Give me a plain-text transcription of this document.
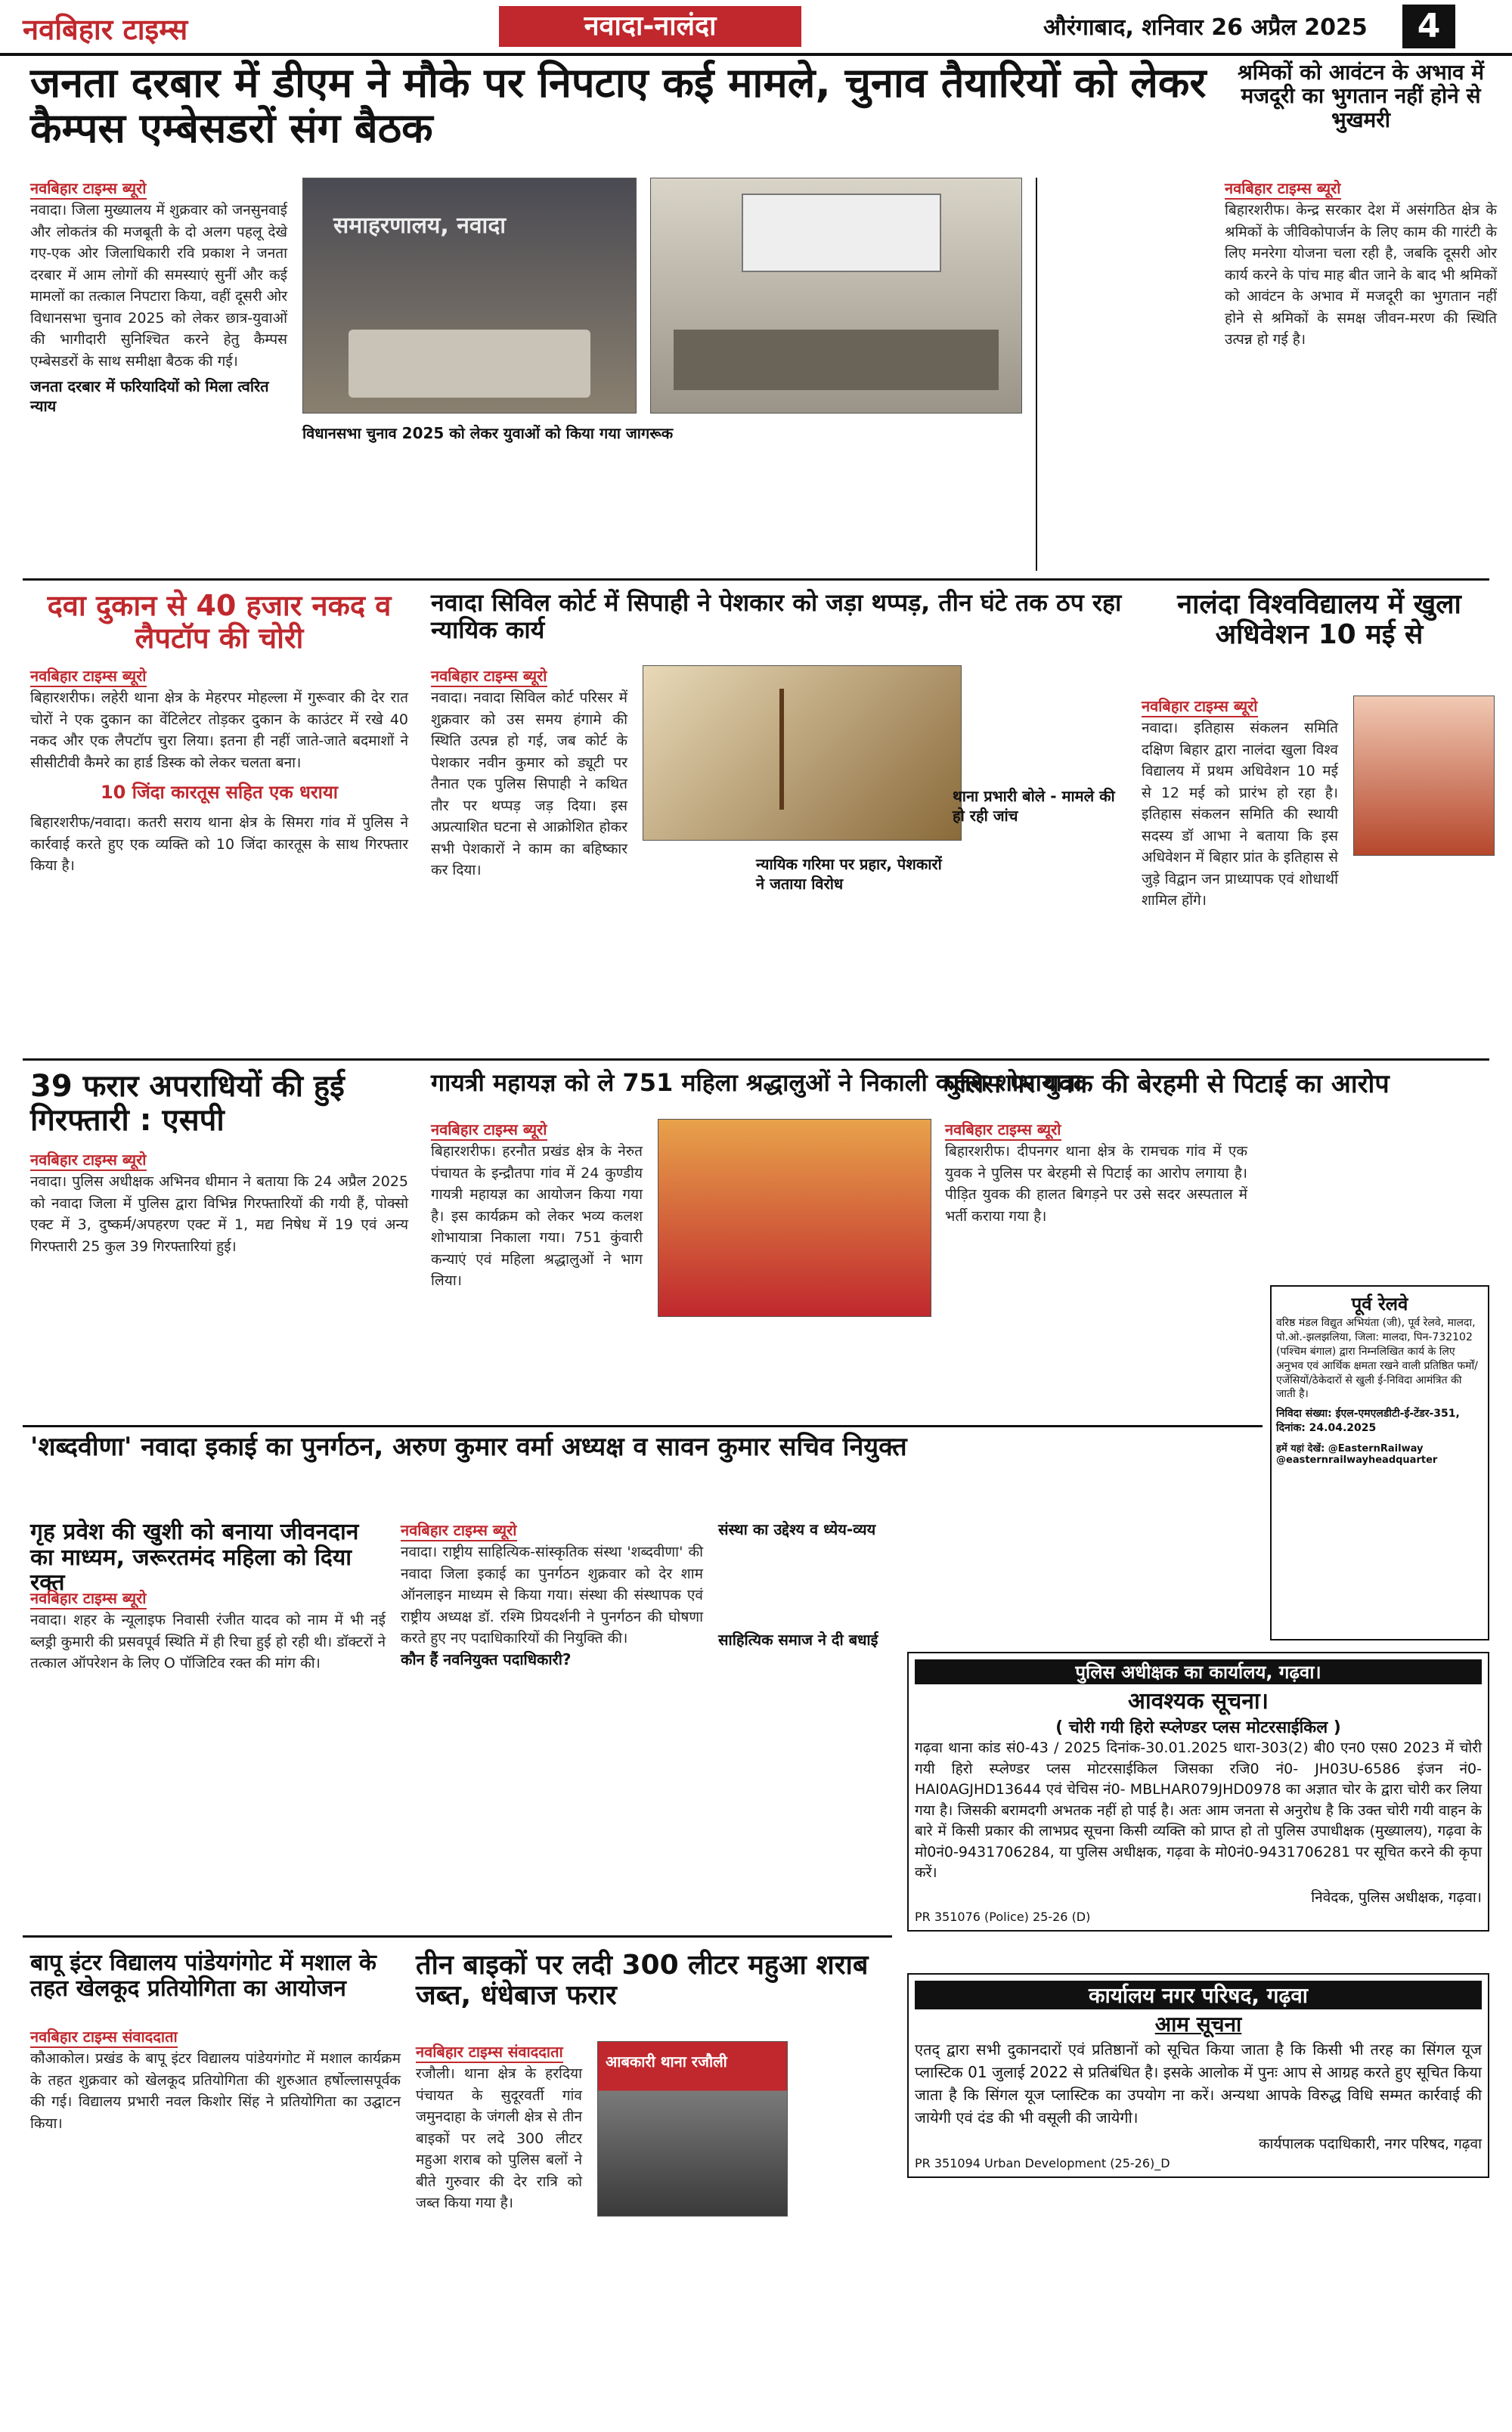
नवबिहार टाइम्स	नवादा-नालंदा	औरंगाबाद, शनिवार 26 अप्रैल 2025	4
जनता दरबार में डीएम ने मौके पर निपटाए कई मामले, चुनाव तैयारियों को लेकर कैम्पस एम्बेसडरों संग बैठक
नवबिहार टाइम्स ब्यूरो
नवादा। जिला मुख्यालय में शुक्रवार को जनसुनवाई और लोकतंत्र की मजबूती के दो अलग पहलू देखे गए-एक ओर जिलाधिकारी रवि प्रकाश ने जनता दरबार में आम लोगों की समस्याएं सुनीं और कई मामलों का तत्काल निपटारा किया, वहीं दूसरी ओर विधानसभा चुनाव 2025 को लेकर छात्र-युवाओं की भागीदारी सुनिश्चित करने हेतु कैम्पस एम्बेसडरों के साथ समीक्षा बैठक की गई।
जनता दरबार में फरियादियों को मिला त्वरित न्याय
समाहरणालय, नवादा
विधानसभा चुनाव 2025 को लेकर युवाओं को किया गया जागरूक
श्रमिकों को आवंटन के अभाव में मजदूरी का भुगतान नहीं होने से भुखमरी
नवबिहार टाइम्स ब्यूरो
बिहारशरीफ। केन्द्र सरकार देश में असंगठित क्षेत्र के श्रमिकों के जीविकोपार्जन के लिए काम की गारंटी के लिए मनरेगा योजना चला रही है, जबकि दूसरी ओर कार्य करने के पांच माह बीत जाने के बाद भी श्रमिकों को आवंटन के अभाव में मजदूरी का भुगतान नहीं होने से श्रमिकों के समक्ष जीवन-मरण की स्थिति उत्पन्न हो गई है।
दवा दुकान से 40 हजार नकद व लैपटॉप की चोरी
नवबिहार टाइम्स ब्यूरो
बिहारशरीफ। लहेरी थाना क्षेत्र के मेहरपर मोहल्ला में गुरूवार की देर रात चोरों ने एक दुकान का वेंटिलेटर तोड़कर दुकान के काउंटर में रखे 40 नकद और एक लैपटॉप चुरा लिया। इतना ही नहीं जाते-जाते बदमाशों ने सीसीटीवी कैमरे का हार्ड डिस्क को लेकर चलता बना।
10 जिंदा कारतूस सहित एक धराया
बिहारशरीफ/नवादा। कतरी सराय थाना क्षेत्र के सिमरा गांव में पुलिस ने कार्रवाई करते हुए एक व्यक्ति को 10 जिंदा कारतूस के साथ गिरफ्तार किया है।
नवादा सिविल कोर्ट में सिपाही ने पेशकार को जड़ा थप्पड़, तीन घंटे तक ठप रहा न्यायिक कार्य
नवबिहार टाइम्स ब्यूरो
नवादा। नवादा सिविल कोर्ट परिसर में शुक्रवार को उस समय हंगामे की स्थिति उत्पन्न हो गई, जब कोर्ट के पेशकार नवीन कुमार को ड्यूटी पर तैनात एक पुलिस सिपाही ने कथित तौर पर थप्पड़ जड़ दिया। इस अप्रत्याशित घटना से आक्रोशित होकर सभी पेशकारों ने काम का बहिष्कार कर दिया।	न्यायिक गरिमा पर प्रहार, पेशकारों ने जताया विरोध
थाना प्रभारी बोले - मामले की हो रही जांच
नालंदा विश्वविद्यालय में खुला अधिवेशन 10 मई से
नवबिहार टाइम्स ब्यूरो
नवादा। इतिहास संकलन समिति दक्षिण बिहार द्वारा नालंदा खुला विश्व विद्यालय में प्रथम अधिवेशन 10 मई से 12 मई को प्रारंभ हो रहा है। इतिहास संकलन समिति की स्थायी सदस्य डॉ आभा ने बताया कि इस अधिवेशन में बिहार प्रांत के इतिहास से जुड़े विद्वान जन प्राध्यापक एवं शोधार्थी शामिल होंगे।
39 फरार अपराधियों की हुई गिरफ्तारी : एसपी
नवबिहार टाइम्स ब्यूरो
नवादा। पुलिस अधीक्षक अभिनव धीमान ने बताया कि 24 अप्रैल 2025 को नवादा जिला में पुलिस द्वारा विभिन्न गिरफ्तारियों की गयी हैं, पोक्सो एक्ट में 3, दुष्कर्म/अपहरण एक्ट में 1, मद्य निषेध में 19 एवं अन्य गिरफ्तारी 25 कुल 39 गिरफ्तारियां हुई।
गायत्री महायज्ञ को ले 751 महिला श्रद्धालुओं ने निकाली कलश शोभायात्रा
नवबिहार टाइम्स ब्यूरो
बिहारशरीफ। हरनौत प्रखंड क्षेत्र के नेरुत पंचायत के इन्द्रौतपा गांव में 24 कुण्डीय गायत्री महायज्ञ का आयोजन किया गया है। इस कार्यक्रम को लेकर भव्य कलश शोभायात्रा निकाला गया। 751 कुंवारी कन्याएं एवं महिला श्रद्धालुओं ने भाग लिया।
पुलिस पर युवक की बेरहमी से पिटाई का आरोप
नवबिहार टाइम्स ब्यूरो
बिहारशरीफ। दीपनगर थाना क्षेत्र के रामचक गांव में एक युवक ने पुलिस पर बेरहमी से पिटाई का आरोप लगाया है। पीड़ित युवक की हालत बिगड़ने पर उसे सदर अस्पताल में भर्ती कराया गया है।
पूर्व रेलवे
वरिष्ठ मंडल विद्युत अभियंता (जी), पूर्व रेलवे, मालदा, पो.ओ.-झलझलिया, जिला: मालदा, पिन-732102 (पश्चिम बंगाल) द्वारा निम्नलिखित कार्य के लिए अनुभव एवं आर्थिक क्षमता रखने वाली प्रतिष्ठित फर्मों/एजेंसियों/ठेकेदारों से खुली ई-निविदा आमंत्रित की जाती है।
निविदा संख्या: ईएल-एमएलडीटी-ई-टेंडर-351, दिनांक: 24.04.2025
हमें यहां देखें: @EasternRailway @easternrailwayheadquarter
'शब्दवीणा' नवादा इकाई का पुनर्गठन, अरुण कुमार वर्मा अध्यक्ष व सावन कुमार सचिव नियुक्त
नवबिहार टाइम्स ब्यूरो
नवादा। राष्ट्रीय साहित्यिक-सांस्कृतिक संस्था 'शब्दवीणा' की नवादा जिला इकाई का पुनर्गठन शुक्रवार को देर शाम ऑनलाइन माध्यम से किया गया। संस्था की संस्थापक एवं राष्ट्रीय अध्यक्ष डॉ. रश्मि प्रियदर्शनी ने पुनर्गठन की घोषणा करते हुए नए पदाधिकारियों की नियुक्ति की।
कौन हैं नवनियुक्त पदाधिकारी?
संस्था का उद्देश्य व ध्येय-व्यय
साहित्यिक समाज ने दी बधाई
गृह प्रवेश की खुशी को बनाया जीवनदान का माध्यम, जरूरतमंद महिला को दिया रक्त
नवबिहार टाइम्स ब्यूरो
नवादा। शहर के न्यूलाइफ निवासी रंजीत यादव को नाम में भी नई ब्लड्री कुमारी की प्रसवपूर्व स्थिति में ही रिचा हुई हो रही थी। डॉक्टरों ने तत्काल ऑपरेशन के लिए O पॉजिटिव रक्त की मांग की।	पुलिस अधीक्षक का कार्यालय, गढ़वा।
आवश्यक सूचना।
( चोरी गयी हिरो स्प्लेण्डर प्लस मोटरसाईकिल )
गढ़वा थाना कांड सं0-43 / 2025 दिनांक-30.01.2025 धारा-303(2) बी0 एन0 एस0 2023 में चोरी गयी हिरो स्प्लेण्डर प्लस मोटरसाईकिल जिसका रजि0 नं0- JH03U-6586 इंजन नं0-HAI0AGJHD13644 एवं चेचिस नं0- MBLHAR079JHD0978 का अज्ञात चोर के द्वारा चोरी कर लिया गया है। जिसकी बरामदगी अभतक नहीं हो पाई है। अतः आम जनता से अनुरोध है कि उक्त चोरी गयी वाहन के बारे में किसी प्रकार की लाभप्रद सूचना किसी व्यक्ति को प्राप्त हो तो पुलिस उपाधीक्षक (मुख्यालय), गढ़वा के मो0नं0-9431706284, या पुलिस अधीक्षक, गढ़वा के मो0नं0-9431706281 पर सूचित करने की कृपा करें।
निवेदक, पुलिस अधीक्षक, गढ़वा।
PR 351076 (Police) 25-26 (D)
बापू इंटर विद्यालय पांडेयगंगोट में मशाल के तहत खेलकूद प्रतियोगिता का आयोजन
नवबिहार टाइम्स संवाददाता
कौआकोल। प्रखंड के बापू इंटर विद्यालय पांडेयगंगोट में मशाल कार्यक्रम के तहत शुक्रवार को खेलकूद प्रतियोगिता की शुरुआत हर्षोल्लासपूर्वक की गई। विद्यालय प्रभारी नवल किशोर सिंह ने प्रतियोगिता का उद्घाटन किया।
तीन बाइकों पर लदी 300 लीटर महुआ शराब जब्त, धंधेबाज फरार
नवबिहार टाइम्स संवाददाता
रजौली। थाना क्षेत्र के हरदिया पंचायत के सुदूरवर्ती गांव जमुनदाहा के जंगली क्षेत्र से तीन बाइकों पर लदे 300 लीटर महुआ शराब को पुलिस बलों ने बीते गुरुवार की देर रात्रि को जब्त किया गया है।
आबकारी थाना रजौली
कार्यालय नगर परिषद, गढ़वा
आम सूचना
एतद् द्वारा सभी दुकानदारों एवं प्रतिष्ठानों को सूचित किया जाता है कि किसी भी तरह का सिंगल यूज प्लास्टिक 01 जुलाई 2022 से प्रतिबंधित है। इसके आलोक में पुनः आप से आग्रह करते हुए सूचित किया जाता है कि सिंगल यूज प्लास्टिक का उपयोग ना करें। अन्यथा आपके विरुद्ध विधि सम्मत कार्रवाई की जायेगी एवं दंड की भी वसूली की जायेगी।
कार्यपालक पदाधिकारी, नगर परिषद, गढ़वा
PR 351094 Urban Development (25-26)_D
